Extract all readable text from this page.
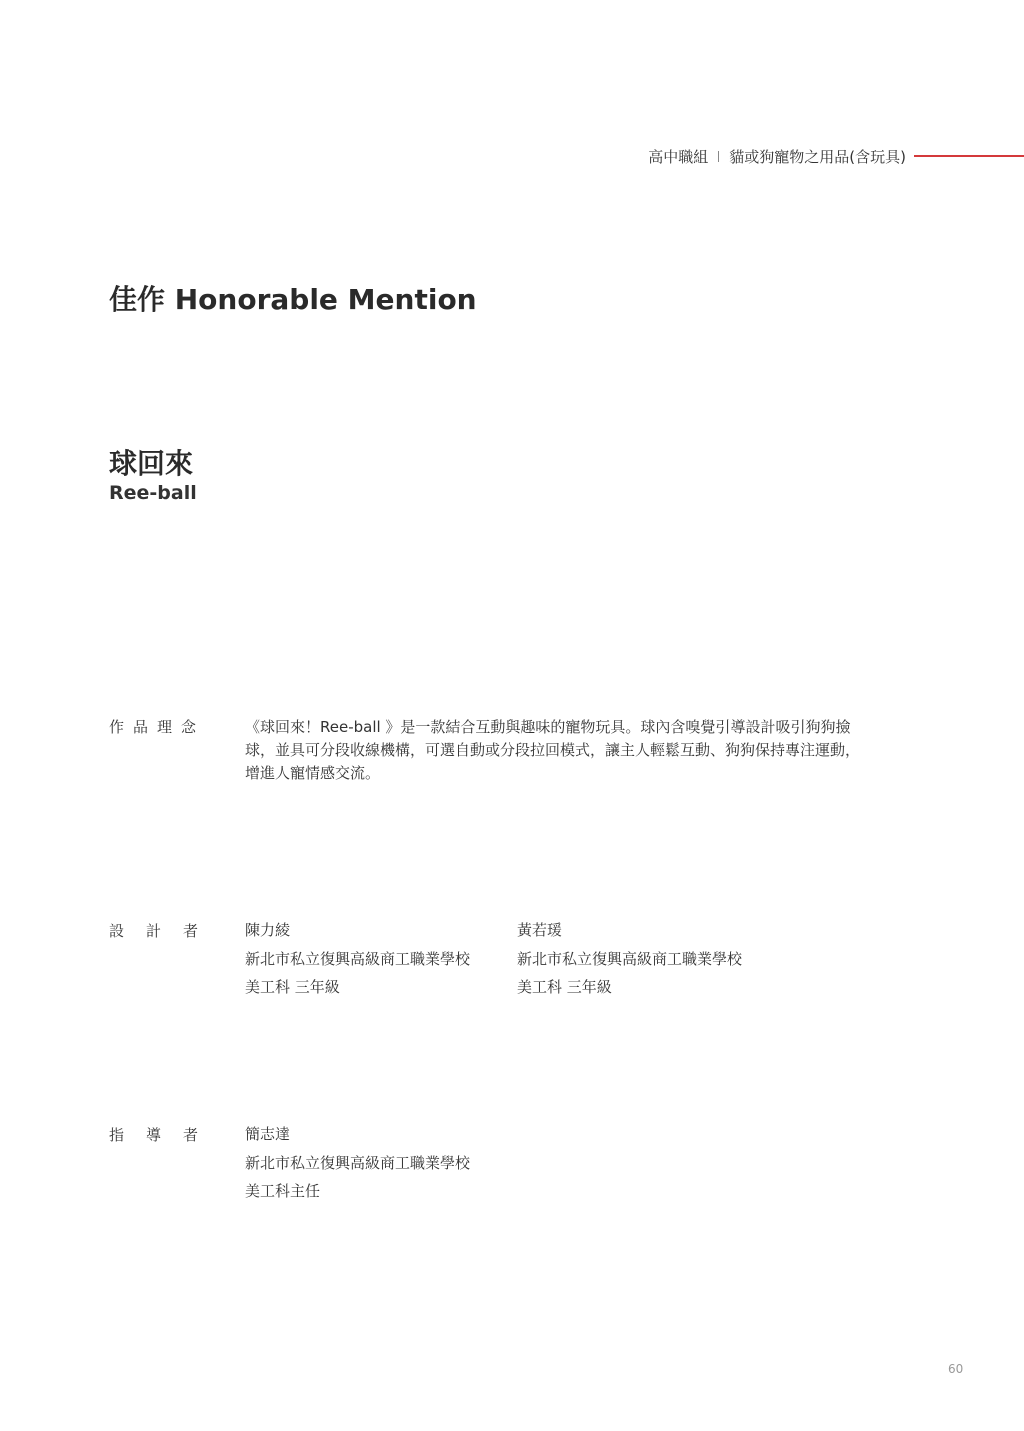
高中職組 貓或狗寵物之用品(含玩具)
佳作 Honorable Mention
球回來
Ree-ball
作品理念	《球回來！Ree-ball 》是一款結合互動與趣味的寵物玩具。球內含嗅覺引導設計吸引狗狗撿球，並具可分段收線機構，可選自動或分段拉回模式，讓主人輕鬆互動、狗狗保持專注運動，增進人寵情感交流。
設計者 陳力綾
新北市私立復興高級商工職業學校
美工科 三年級
黃若瑗
新北市私立復興高級商工職業學校
美工科 三年級
指導者 簡志達
新北市私立復興高級商工職業學校
美工科主任
60
